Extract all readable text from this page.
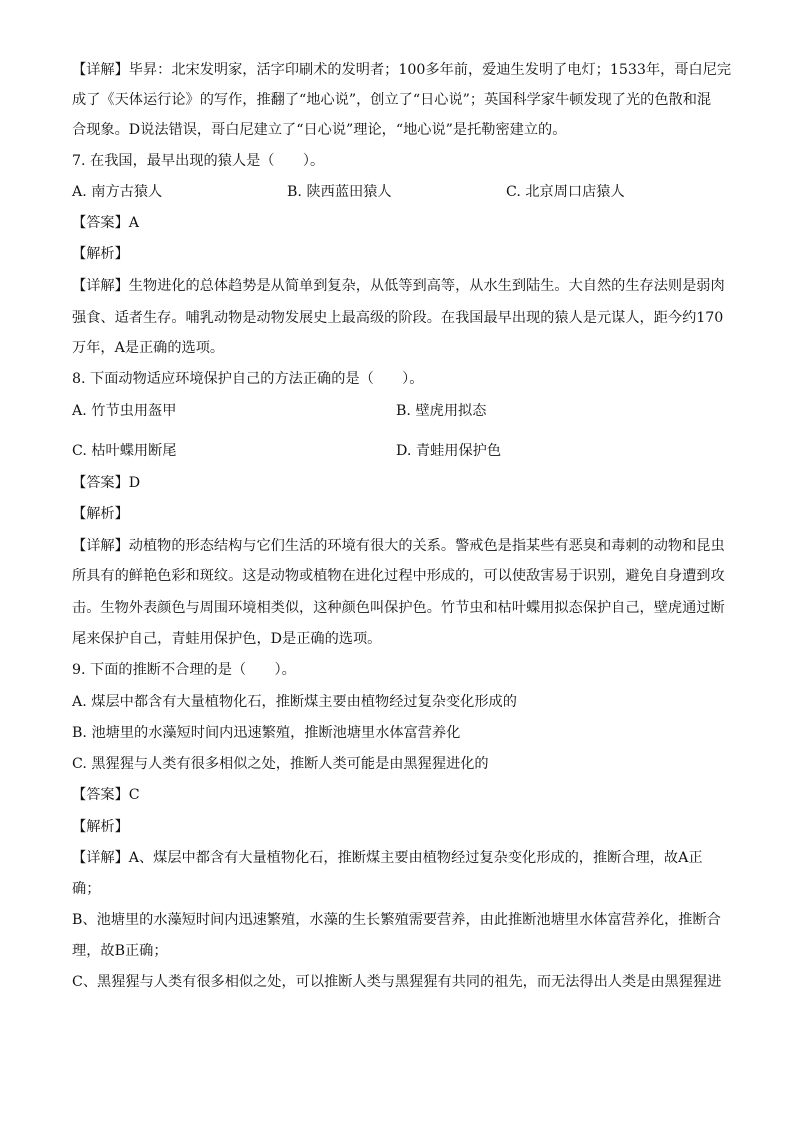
【详解】毕昇：北宋发明家，活字印刷术的发明者；100多年前，爱迪生发明了电灯；1533年，哥白尼完
成了《天体运行论》的写作，推翻了“地心说”，创立了“日心说”；英国科学家牛顿发现了光的色散和混
合现象。D说法错误，哥白尼建立了“日心说”理论，“地心说”是托勒密建立的。
7. 在我国，最早出现的猿人是（　　）。
A. 南方古猿人	B. 陕西蓝田猿人	C. 北京周口店猿人
【答案】A
【解析】
【详解】生物进化的总体趋势是从简单到复杂，从低等到高等，从水生到陆生。大自然的生存法则是弱肉
强食、适者生存。哺乳动物是动物发展史上最高级的阶段。在我国最早出现的猿人是元谋人，距今约170
万年，A是正确的选项。
8. 下面动物适应环境保护自己的方法正确的是（　　）。
A. 竹节虫用盔甲	B. 壁虎用拟态
C. 枯叶蝶用断尾	D. 青蛙用保护色
【答案】D
【解析】
【详解】动植物的形态结构与它们生活的环境有很大的关系。警戒色是指某些有恶臭和毒刺的动物和昆虫
所具有的鲜艳色彩和斑纹。这是动物或植物在进化过程中形成的，可以使敌害易于识别，避免自身遭到攻
击。生物外表颜色与周围环境相类似，这种颜色叫保护色。竹节虫和枯叶蝶用拟态保护自己，壁虎通过断
尾来保护自己，青蛙用保护色，D是正确的选项。
9. 下面的推断不合理的是（　　）。
A. 煤层中都含有大量植物化石，推断煤主要由植物经过复杂变化形成的
B. 池塘里的水藻短时间内迅速繁殖，推断池塘里水体富营养化
C. 黑猩猩与人类有很多相似之处，推断人类可能是由黑猩猩进化的
【答案】C
【解析】
【详解】A、煤层中都含有大量植物化石，推断煤主要由植物经过复杂变化形成的，推断合理，故A正
确；
B、池塘里的水藻短时间内迅速繁殖，水藻的生长繁殖需要营养，由此推断池塘里水体富营养化，推断合
理，故B正确；
C、黑猩猩与人类有很多相似之处，可以推断人类与黑猩猩有共同的祖先，而无法得出人类是由黑猩猩进
